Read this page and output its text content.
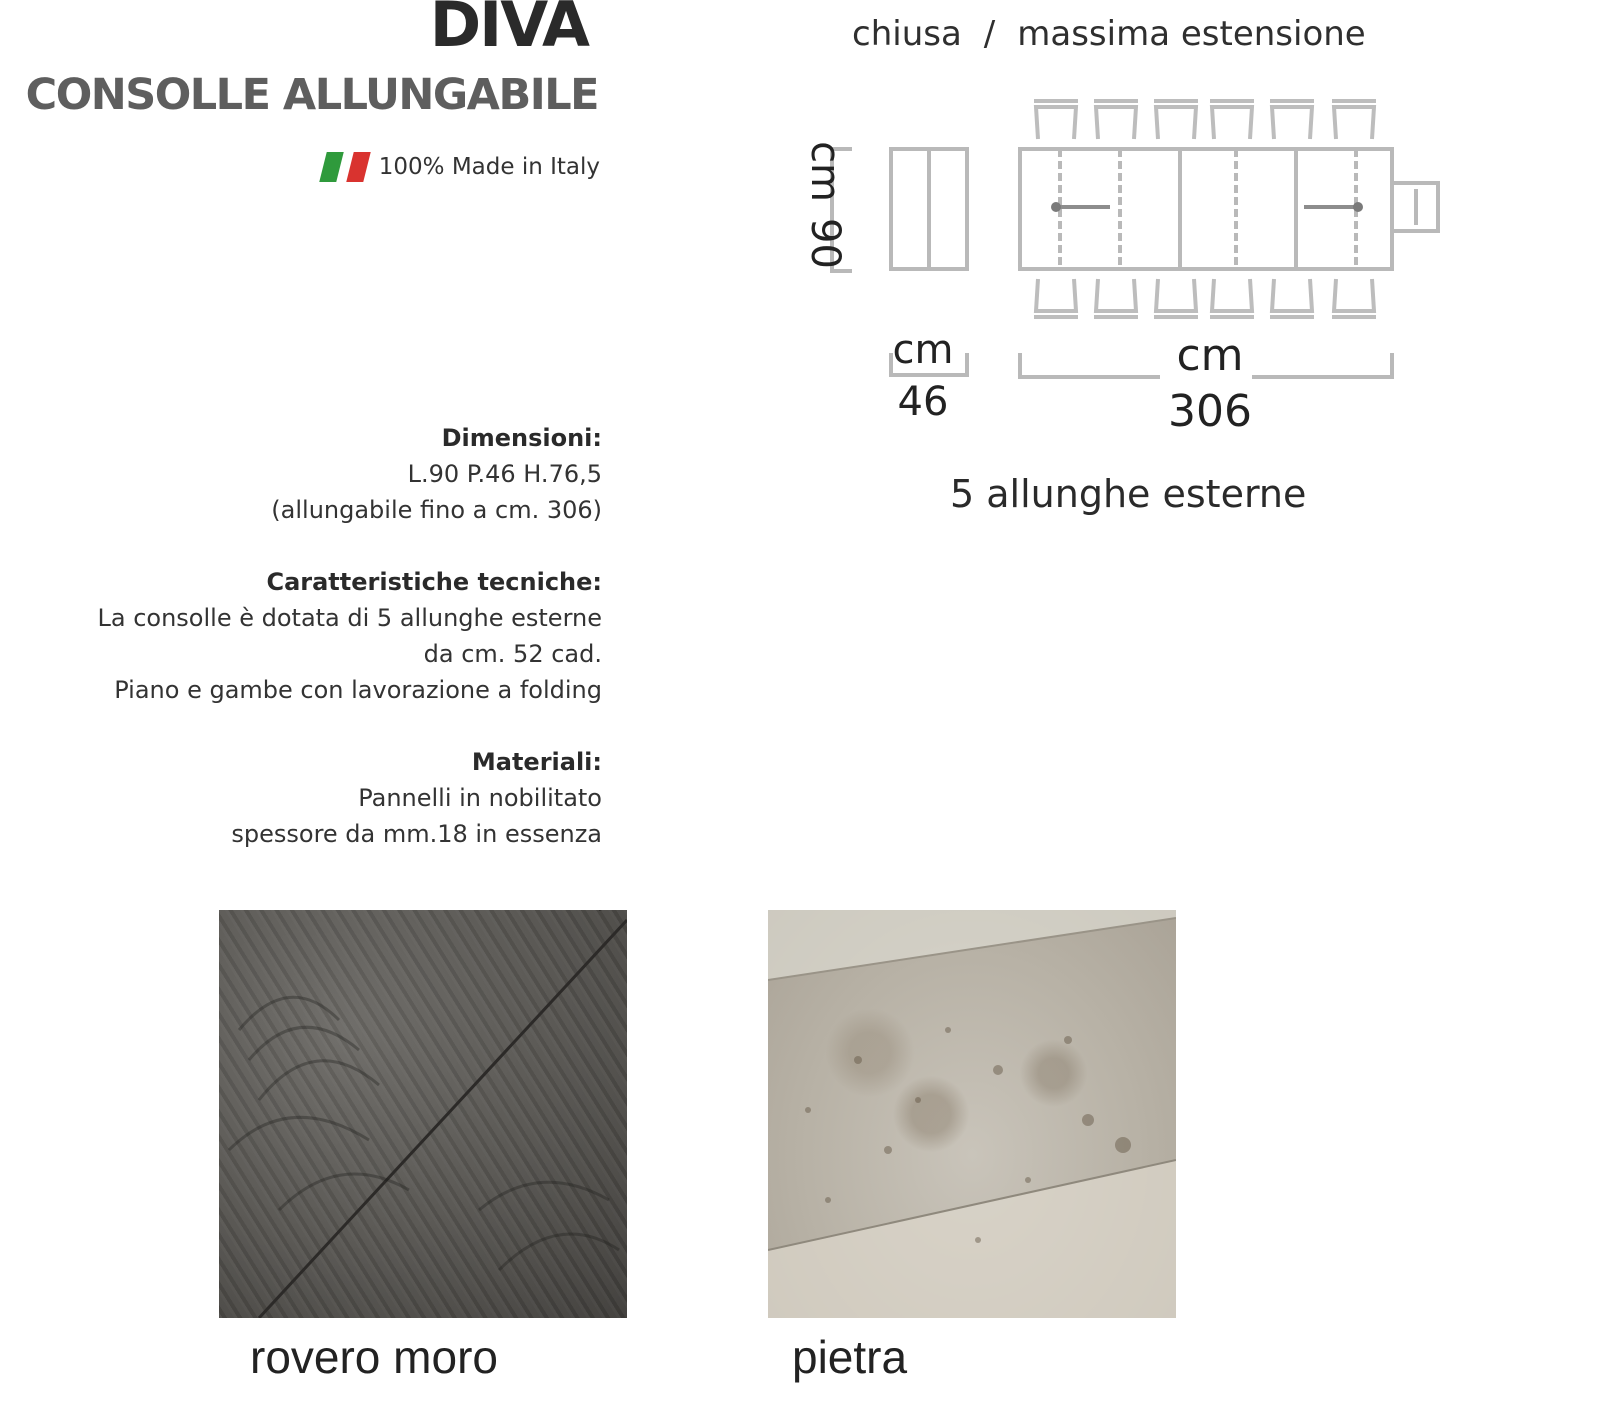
DIVA
CONSOLLE ALLUNGABILE
100% Made in Italy
Dimensioni:
L.90 P.46 H.76,5
(allungabile fino a cm. 306)
Caratteristiche tecniche:
La consolle è dotata di 5 allunghe esterne
da cm. 52 cad.
Piano e gambe con lavorazione a folding
Materiali:
Pannelli in nobilitato
spessore da mm.18 in essenza
chiusa / massima estensione
cm
90
cm
46
cm
306
5 allunghe esterne
rovero moro	pietra
